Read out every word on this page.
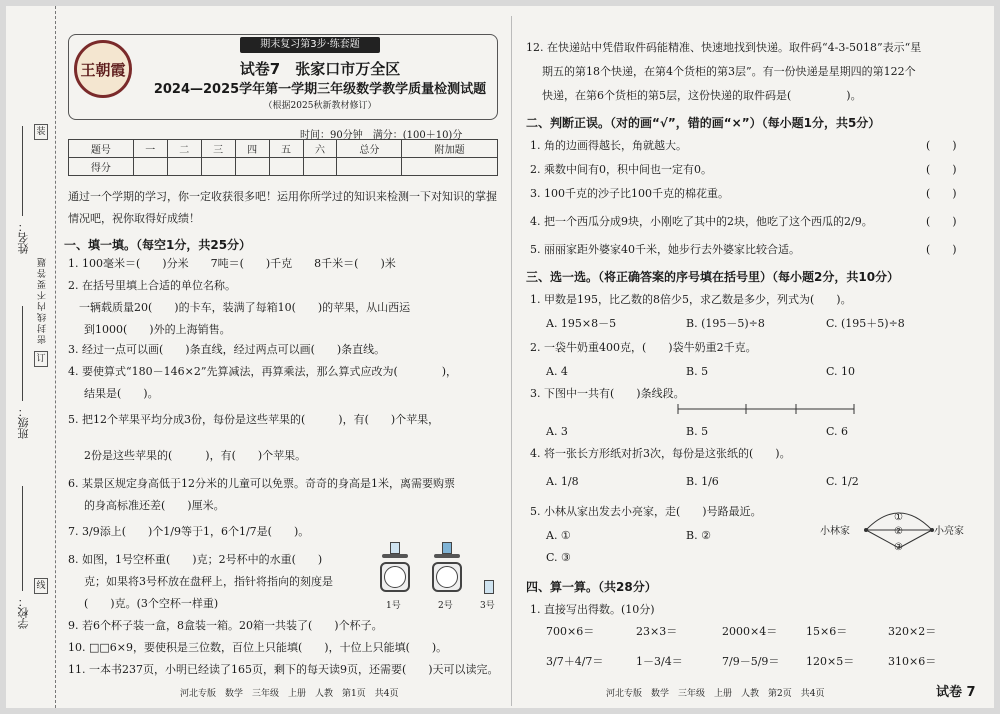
姓名：
班级：
学校：
密封线内不要答题
装
订
线
王朝霞
期末复习第3步·练套题
试卷7　张家口市万全区
2024—2025学年第一学期三年级数学教学质量检测试题
（根据2025秋新教材修订）
时间：90分钟　满分：(100＋10)分
题号	一	二	三	四	五	六	总分	附加题
得分								
通过一个学期的学习，你一定收获很多吧！运用你所学过的知识来检测一下对知识的掌握情况吧，祝你取得好成绩！
一、填一填。（每空1分，共25分）
1. 100毫米＝(　　)分米　　7吨＝(　　)千克　　8千米＝(　　)米
2. 在括号里填上合适的单位名称。
　一辆载质量20(　　)的卡车，装满了每箱10(　　)的苹果，从山西运
到1000(　　)外的上海销售。
3. 经过一点可以画(　　)条直线，经过两点可以画(　　)条直线。
4. 要使算式“180－146×2”先算减法，再算乘法，那么算式应改为(　　　　)，
结果是(　　)。
5. 把12个苹果平均分成3份，每份是这些苹果的(　　　)，有(　　)个苹果，
2份是这些苹果的(　　　)，有(　　)个苹果。
6. 某景区规定身高低于12分米的儿童可以免票。奇奇的身高是1米，离需要购票
的身高标准还差(　　)厘米。
7. 3/9添上(　　)个1/9等于1，6个1/7是(　　)。
8. 如图，1号空杯重(　　)克；2号杯中的水重(　　)
克；如果将3号杯放在盘秤上，指针将指向的刻度是
(　　)克。(3个空杯一样重)
9. 若6个杯子装一盒，8盒装一箱。20箱一共装了(　　)个杯子。
10. □□6×9，要使积是三位数，百位上只能填(　　)，十位上只能填(　　)。
11. 一本书237页，小明已经读了165页，剩下的每天读9页，还需要(　　)天可以读完。
1号	2号	3号
河北专版　数学　三年级　上册　人教　第1页　共4页
12. 在快递站中凭借取件码能精准、快速地找到快递。取件码“4-3-5018”表示“星
期五的第18个快递，在第4个货柜的第3层”。有一份快递是星期四的第122个
快递，在第6个货柜的第5层，这份快递的取件码是(　　　　　)。
二、判断正误。（对的画“√”，错的画“×”）（每小题1分，共5分）
1. 角的边画得越长，角就越大。
2. 乘数中间有0，积中间也一定有0。
3. 100千克的沙子比100千克的棉花重。
4. 把一个西瓜分成9块，小刚吃了其中的2块，他吃了这个西瓜的2/9。
5. 丽丽家距外婆家40千米，她步行去外婆家比较合适。
(　　)
(　　)
(　　)
(　　)
(　　)
三、选一选。（将正确答案的序号填在括号里）（每小题2分，共10分）
1. 甲数是195，比乙数的8倍少5，求乙数是多少，列式为(　　)。
A. 195×8－5	B. (195－5)÷8	C. (195＋5)÷8
2. 一袋牛奶重400克，(　　)袋牛奶重2千克。
A. 4	B. 5	C. 10
3. 下图中一共有(　　)条线段。
A. 3	B. 5	C. 6
4. 将一张长方形纸对折3次，每份是这张纸的(　　)。
A. 1/8	B. 1/6	C. 1/2
5. 小林从家出发去小亮家，走(　　)号路最近。
A. ①	B. ②
C. ③
小林家	小亮家
①
②
③
四、算一算。（共28分）
1. 直接写出得数。(10分)
700×6＝	23×3＝	2000×4＝	15×6＝	320×2＝
3/7＋4/7＝	1－3/4＝	7/9－5/9＝ 120×5＝	310×6＝
河北专版　数学　三年级　上册　人教　第2页　共4页	试卷 7
